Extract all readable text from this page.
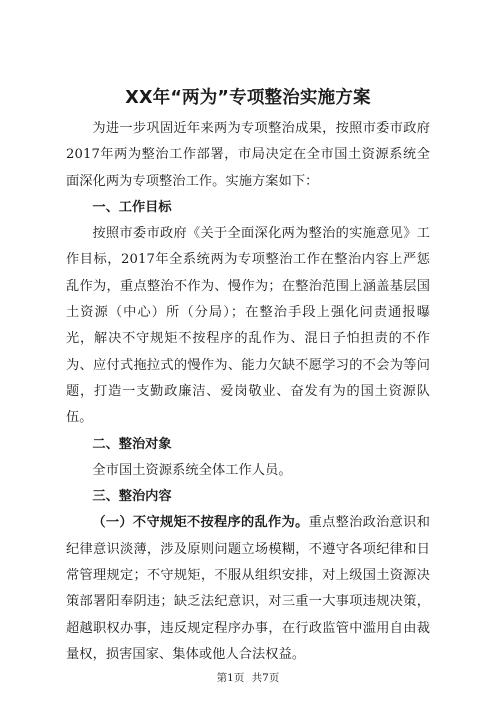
XX年“两为”专项整治实施方案

为进一步巩固近年来两为专项整治成果，按照市委市政府2017年两为整治工作部署，市局决定在全市国土资源系统全面深化两为专项整治工作。实施方案如下：

一、工作目标

按照市委市政府《关于全面深化两为整治的实施意见》工作目标，2017年全系统两为专项整治工作在整治内容上严惩乱作为，重点整治不作为、慢作为；在整治范围上涵盖基层国土资源（中心）所（分局）；在整治手段上强化问责通报曝光，解决不守规矩不按程序的乱作为、混日子怕担责的不作为、应付式拖拉式的慢作为、能力欠缺不愿学习的不会为等问题，打造一支勤政廉洁、爱岗敬业、奋发有为的国土资源队伍。

二、整治对象

全市国土资源系统全体工作人员。

三、整治内容

（一）不守规矩不按程序的乱作为。重点整治政治意识和纪律意识淡薄，涉及原则问题立场模糊，不遵守各项纪律和日常管理规定；不守规矩，不服从组织安排，对上级国土资源决策部署阳奉阴违；缺乏法纪意识，对三重一大事项违规决策，超越职权办事，违反规定程序办事，在行政监管中滥用自由裁量权，损害国家、集体或他人合法权益。

第1页 共7页
